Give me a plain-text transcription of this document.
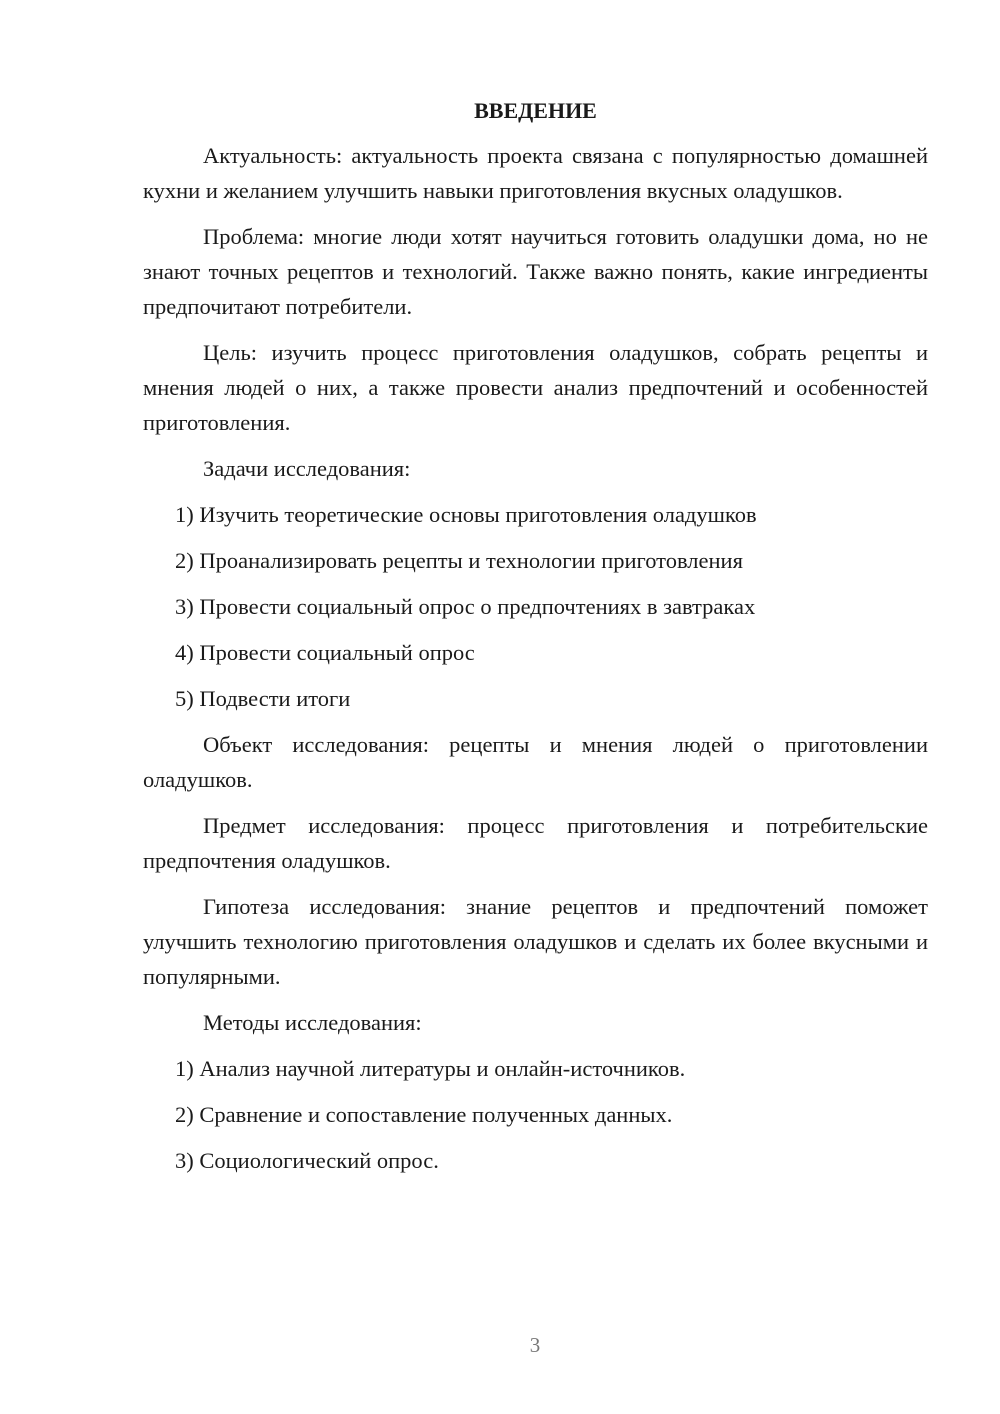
ВВЕДЕНИЕ

Актуальность: актуальность проекта связана с популярностью домашней кухни и желанием улучшить навыки приготовления вкусных оладушков.

Проблема: многие люди хотят научиться готовить оладушки дома, но не знают точных рецептов и технологий. Также важно понять, какие ингредиенты предпочитают потребители.

Цель: изучить процесс приготовления оладушков, собрать рецепты и мнения людей о них, а также провести анализ предпочтений и особенностей приготовления.

Задачи исследования:

1) Изучить теоретические основы приготовления оладушков

2) Проанализировать рецепты и технологии приготовления

3) Провести социальный опрос о предпочтениях в завтраках

4) Провести социальный опрос

5) Подвести итоги

Объект исследования: рецепты и мнения людей о приготовлении оладушков.

Предмет исследования: процесс приготовления и потребительские предпочтения оладушков.

Гипотеза исследования: знание рецептов и предпочтений поможет улучшить технологию приготовления оладушков и сделать их более вкусными и популярными.

Методы исследования:

1) Анализ научной литературы и онлайн-источников.

2) Сравнение и сопоставление полученных данных.

3) Социологический опрос.

3
